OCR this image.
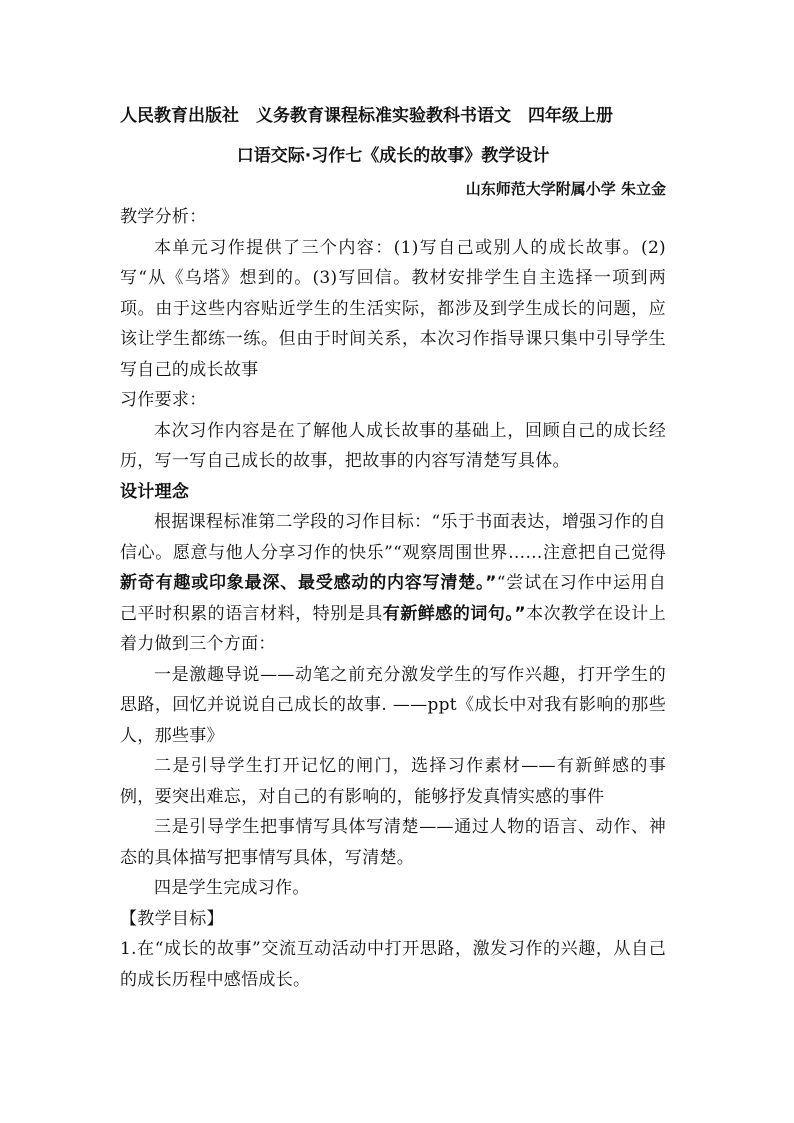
人民教育出版社　义务教育课程标准实验教科书语文　四年级上册
口语交际·习作七《成长的故事》教学设计
山东师范大学附属小学 朱立金

教学分析：

本单元习作提供了三个内容：(1)写自己或别人的成长故事。(2)写“从《乌塔》想到的。(3)写回信。教材安排学生自主选择一项到两项。由于这些内容贴近学生的生活实际，都涉及到学生成长的问题，应该让学生都练一练。但由于时间关系，本次习作指导课只集中引导学生写自己的成长故事

习作要求：

本次习作内容是在了解他人成长故事的基础上，回顾自己的成长经历，写一写自己成长的故事，把故事的内容写清楚写具体。

设计理念

根据课程标准第二学段的习作目标：“乐于书面表达，增强习作的自信心。愿意与他人分享习作的快乐”“观察周围世界……注意把自己觉得新奇有趣或印象最深、最受感动的内容写清楚。”“尝试在习作中运用自己平时积累的语言材料，特别是具有新鲜感的词句。”本次教学在设计上着力做到三个方面：

一是激趣导说——动笔之前充分激发学生的写作兴趣，打开学生的思路，回忆并说说自己成长的故事. ——ppt《成长中对我有影响的那些人，那些事》

二是引导学生打开记忆的闸门，选择习作素材——有新鲜感的事例，要突出难忘，对自己的有影响的，能够抒发真情实感的事件

三是引导学生把事情写具体写清楚——通过人物的语言、动作、神态的具体描写把事情写具体，写清楚。

四是学生完成习作。

【教学目标】

1.在“成长的故事”交流互动活动中打开思路，激发习作的兴趣，从自己的成长历程中感悟成长。
